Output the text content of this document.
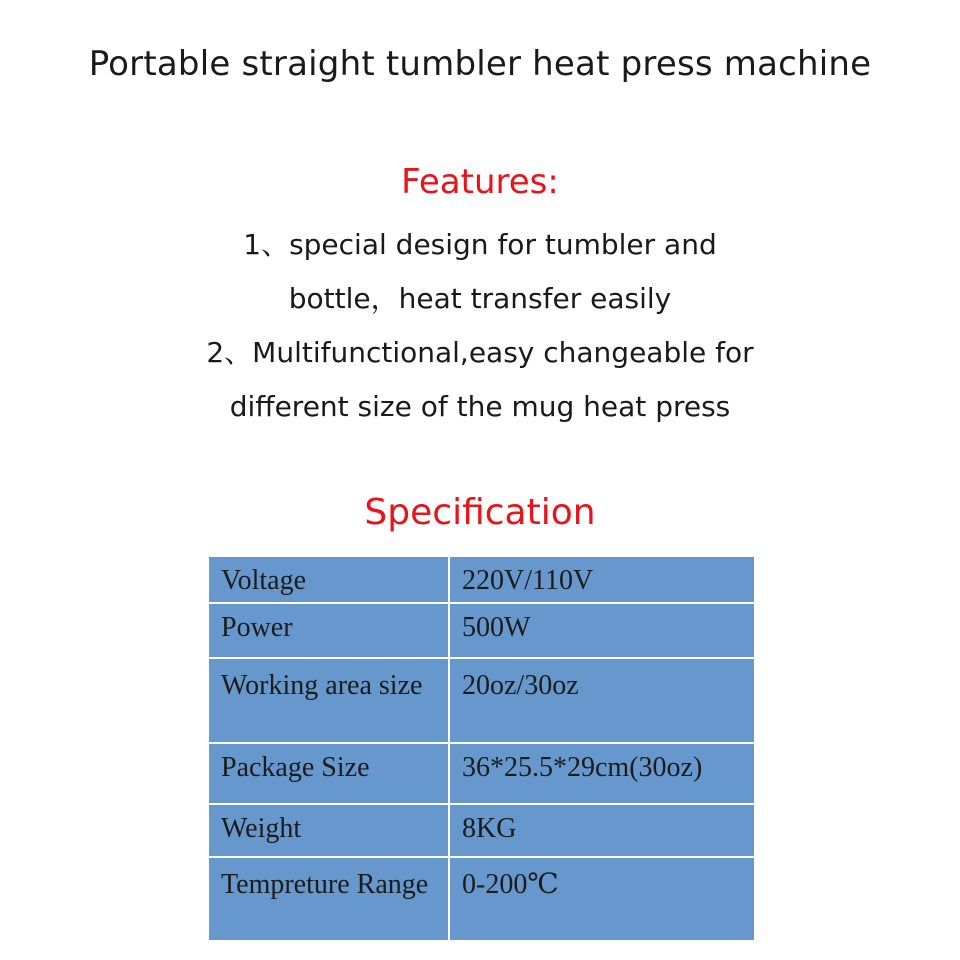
Portable straight tumbler heat press machine
Features:
1、special design for tumbler and
bottle，heat transfer easily
2、Multifunctional,easy changeable for
different size of the mug heat press
Specification
Voltage	220V/110V
Power	500W
Working area size	20oz/30oz
Package Size	36*25.5*29cm(30oz)
Weight	8KG
Tempreture Range	0-200℃
